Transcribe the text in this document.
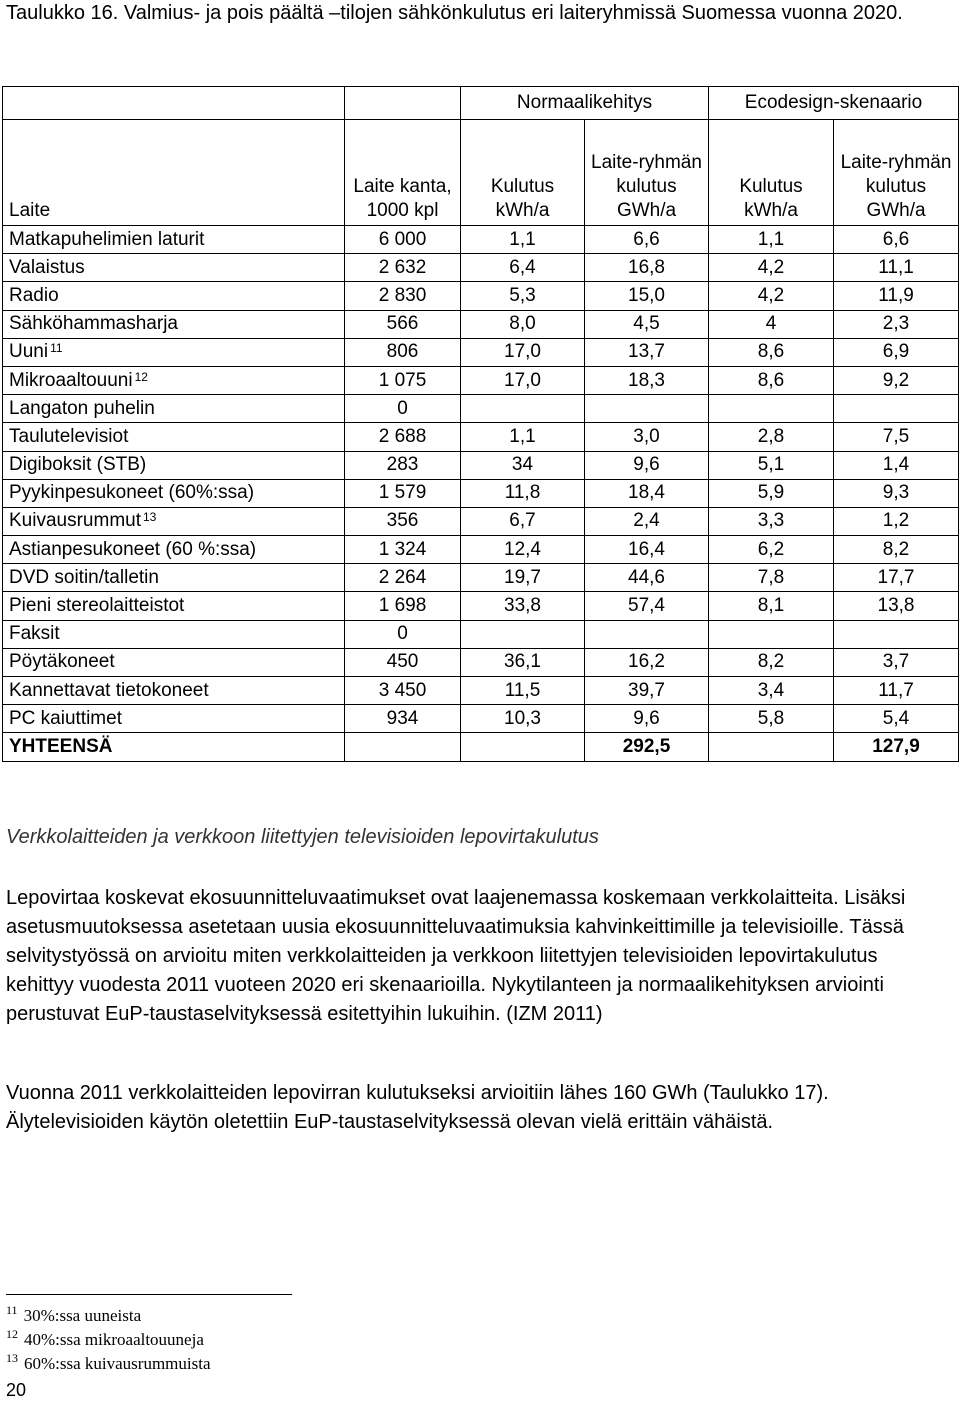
Taulukko 16. Valmius- ja pois päältä –tilojen sähkönkulutus eri laiteryhmissä Suomessa vuonna 2020.
		Normaalikehitys		Ecodesign-skenaario	
Laite	Laite kanta, 1000 kpl	Kulutus kWh/a	Laite-ryhmän kulutus GWh/a	Kulutus kWh/a	Laite-ryhmän kulutus GWh/a
Matkapuhelimien laturit	6 000	1,1	6,6	1,1	6,6
Valaistus	2 632	6,4	16,8	4,2	11,1
Radio	2 830	5,3	15,0	4,2	11,9
Sähköhammasharja	566	8,0	4,5	4	2,3
Uuni $^{11}$	806	17,0	13,7	8,6	6,9
Mikroaaltouuni $^{12}$	1 075	17,0	18,3	8,6	9,2
Langaton puhelin	0				
Taulutelevisiot	2 688	1,1	3,0	2,8	7,5
Digiboksit (STB)	283	34	9,6	5,1	1,4
Pyykinpesukoneet (60%:ssa)	1 579	11,8	18,4	5,9	9,3
Kuivausrummut $^{13}$	356	6,7	2,4	3,3	1,2
Astianpesukoneet (60 %:ssa)	1 324	12,4	16,4	6,2	8,2
DVD soitin/talletin	2 264	19,7	44,6	7,8	17,7
Pieni stereolaitteistot	1 698	33,8	57,4	8,1	13,8
Faksit	0				
Pöytäkoneet	450	36,1	16,2	8,2	3,7
Kannettavat tietokoneet	3 450	11,5	39,7	3,4	11,7
PC kaiuttimet	934	10,3	9,6	5,8	5,4
YHTEENSÄ			292,5		127,9
Verkkolaitteiden ja verkkoon liitettyjen televisioiden lepovirtakulutus
Lepovirtaa koskevat ekosuunnitteluvaatimukset ovat laajenemassa koskemaan verkkolaitteita. Lisäksi asetusmuutoksessa asetetaan uusia ekosuunnitteluvaatimuksia kahvinkeittimille ja televisioille. Tässä selvitystyössä on arvioitu miten verkkolaitteiden ja verkkoon liitettyjen televisioiden lepovirtakulutus kehittyy vuodesta 2011 vuoteen 2020 eri skenaarioilla. Nykytilanteen ja normaalikehityksen arviointi perustuvat EuP-taustaselvityksessä esitettyihin lukuihin. (IZM 2011)
Vuonna 2011 verkkolaitteiden lepovirran kulutukseksi arvioitiin lähes 160 GWh (Taulukko 17). Älytelevisioiden käytön oletettiin EuP-taustaselvityksessä olevan vielä erittäin vähäistä.
$^{11}$ 30%:ssa uuneista
$^{12}$ 40%:ssa mikroaaltouuneja
$^{13}$ 60%:ssa kuivausrummuista
20
